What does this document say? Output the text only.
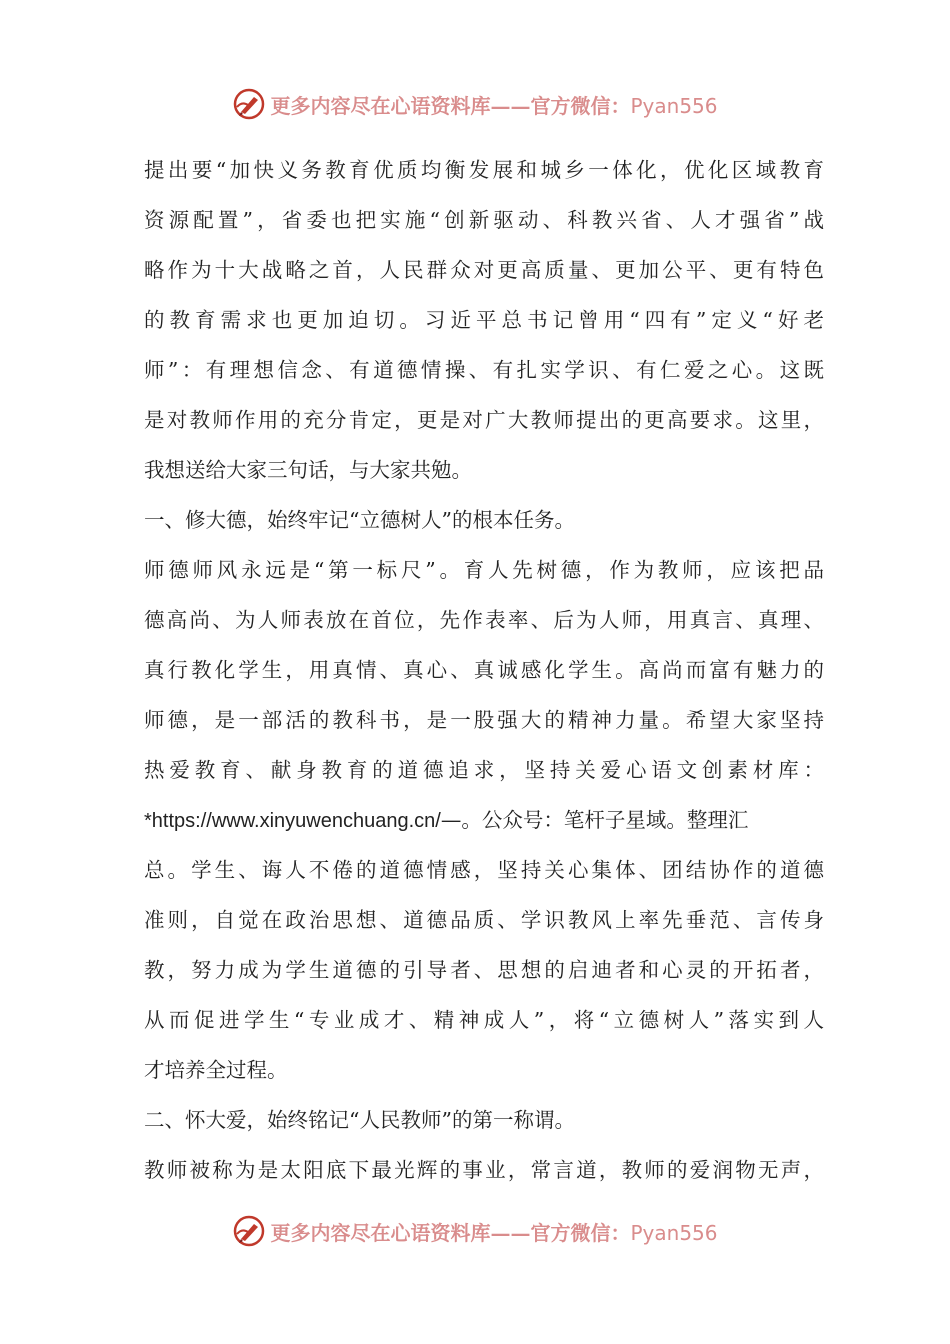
更多内容尽在心语资料库——官方微信：Pyan556
提出要“加快义务教育优质均衡发展和城乡一体化，优化区域教育
资源配置”，省委也把实施“创新驱动、科教兴省、人才强省”战
略作为十大战略之首，人民群众对更高质量、更加公平、更有特色
的教育需求也更加迫切。习近平总书记曾用“四有”定义“好老
师”：有理想信念、有道德情操、有扎实学识、有仁爱之心。这既
是对教师作用的充分肯定，更是对广大教师提出的更高要求。这里，
我想送给大家三句话，与大家共勉。
一、修大德，始终牢记“立德树人”的根本任务。
师德师风永远是“第一标尺”。育人先树德，作为教师，应该把品
德高尚、为人师表放在首位，先作表率、后为人师，用真言、真理、
真行教化学生，用真情、真心、真诚感化学生。高尚而富有魅力的
师德，是一部活的教科书，是一股强大的精神力量。希望大家坚持
热爱教育、献身教育的道德追求，坚持关爱心语文创素材库：
*https://www.xinyuwenchuang.cn/—。公众号：笔杆子星域。整理汇
总。学生、诲人不倦的道德情感，坚持关心集体、团结协作的道德
准则，自觉在政治思想、道德品质、学识教风上率先垂范、言传身
教，努力成为学生道德的引导者、思想的启迪者和心灵的开拓者，
从而促进学生“专业成才、精神成人”，将“立德树人”落实到人
才培养全过程。
二、怀大爱，始终铭记“人民教师”的第一称谓。
教师被称为是太阳底下最光辉的事业，常言道，教师的爱润物无声，
更多内容尽在心语资料库——官方微信：Pyan556
